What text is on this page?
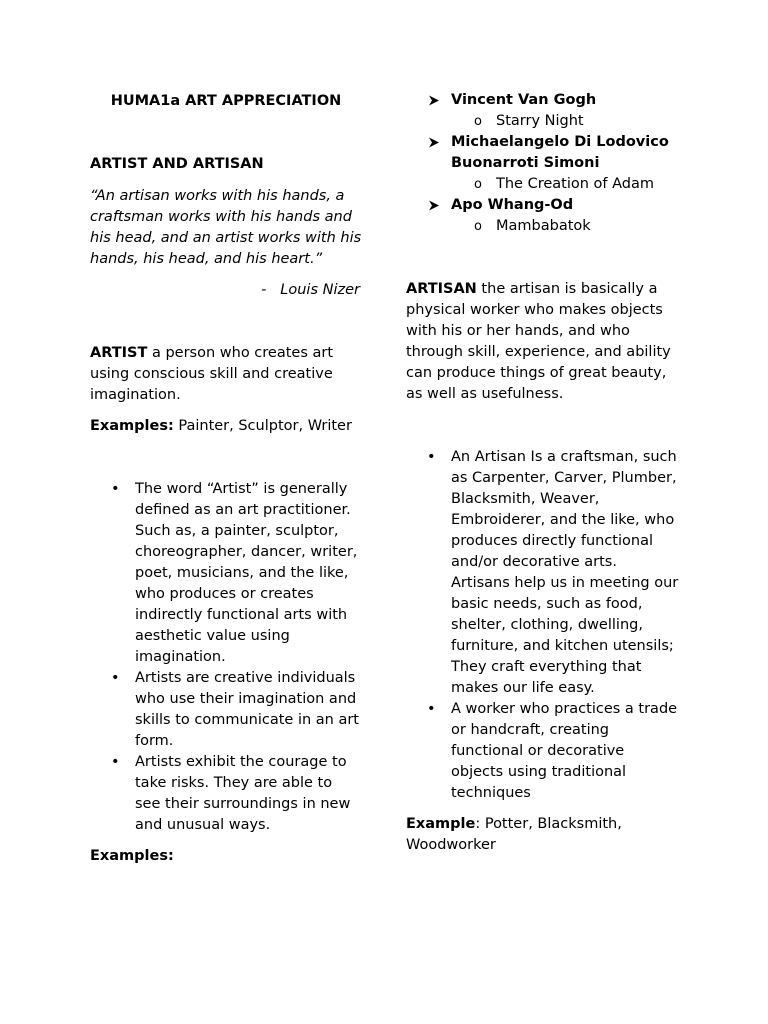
HUMA1a ART APPRECIATION

ARTIST AND ARTISAN

“An artisan works with his hands, a craftsman works with his hands and his head, and an artist works with his hands, his head, and his heart.”

- Louis Nizer

ARTIST a person who creates art using conscious skill and creative imagination.

Examples: Painter, Sculptor, Writer

• The word “Artist” is generally defined as an art practitioner. Such as, a painter, sculptor, choreographer, dancer, writer, poet, musicians, and the like, who produces or creates indirectly functional arts with aesthetic value using imagination.
• Artists are creative individuals who use their imagination and skills to communicate in an art form.
• Artists exhibit the courage to take risks. They are able to see their surroundings in new and unusual ways.

Examples:

Vincent Van Gogh
o Starry Night
Michaelangelo Di Lodovico Buonarroti Simoni
o The Creation of Adam
Apo Whang-Od
o Mambabatok

ARTISAN the artisan is basically a physical worker who makes objects with his or her hands, and who through skill, experience, and ability can produce things of great beauty, as well as usefulness.

• An Artisan Is a craftsman, such as Carpenter, Carver, Plumber, Blacksmith, Weaver, Embroiderer, and the like, who produces directly functional and/or decorative arts. Artisans help us in meeting our basic needs, such as food, shelter, clothing, dwelling, furniture, and kitchen utensils; They craft everything that makes our life easy.
• A worker who practices a trade or handcraft, creating functional or decorative objects using traditional techniques

Example: Potter, Blacksmith, Woodworker
